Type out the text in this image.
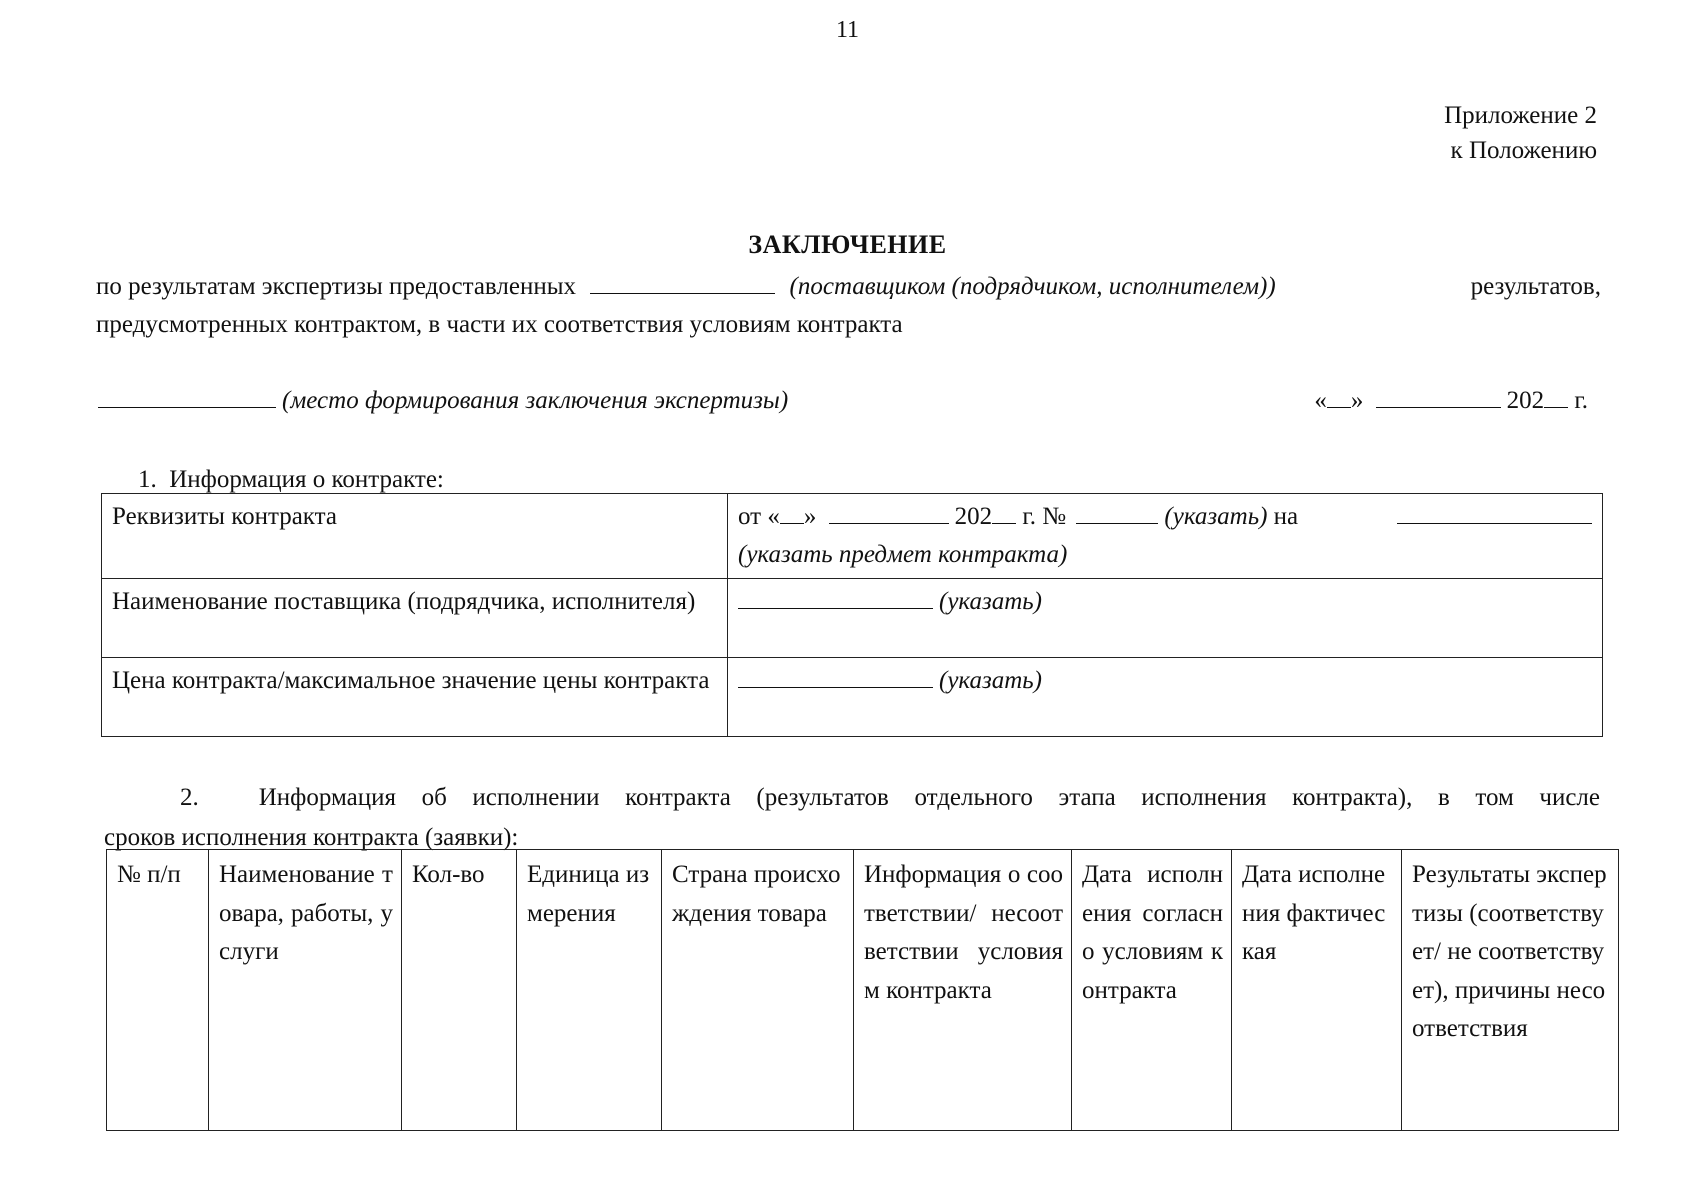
11
Приложение 2
к Положению
ЗАКЛЮЧЕНИЕ
по результатам экспертизы предоставленных	(поставщиком (подрядчиком, исполнителем))	результатов,
предусмотренных контрактом, в части их соответствия условиям контракта
(место формирования заключения экспертизы)	« »	202 г.
1. Информация о контракте:
Реквизиты контракта	от « » 202 г. № (указать) на
(указать предмет контракта)

Наименование поставщика (подрядчика, исполнителя)	(указать)
Цена контракта/максимальное значение цены контракта	(указать)
2. Информация об исполнении контракта (результатов отдельного этапа исполнения контракта), в том числе
сроков исполнения контракта (заявки):
№ п/п	Наименование товара, работы, услуги	Кол-во	Единица измерения	Страна происхождения товара	Информация о соответствии/ несоответствии условиям контракта	Дата исполнения согласно условиям контракта	Дата исполнения фактическая	Результаты экспертизы (соответствует/ не соответствует), причины несоответствия
